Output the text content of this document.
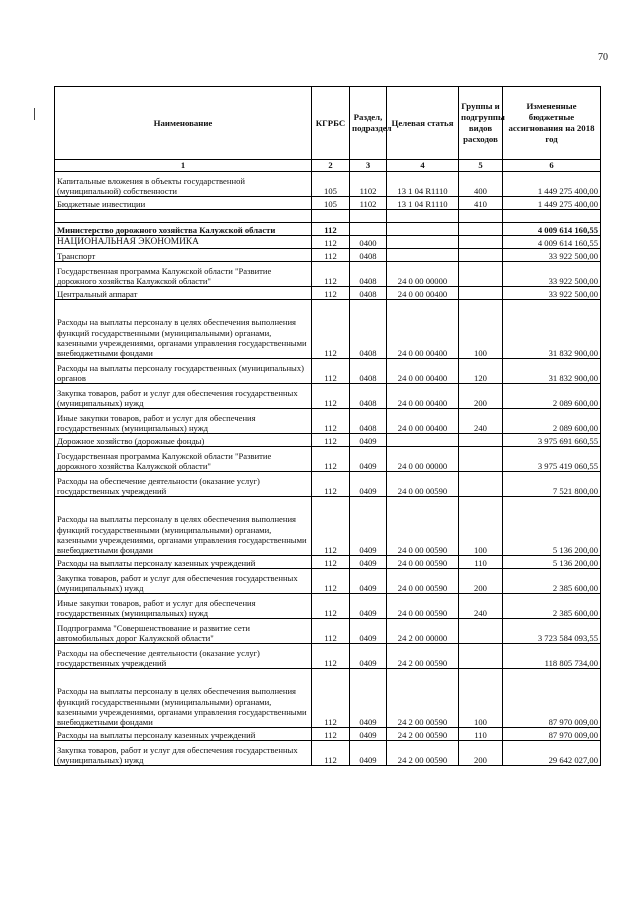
70
Наименование	КГРБС	Раздел, подраздел	Целевая статья	Группы и подгруппы видов расходов	Измененные бюджетные ассигнования на 2018 год
1	2	3	4	5	6
Капитальные вложения в объекты государственной (муниципальной) собственности	105	1102	13 1 04 R1110	400	1 449 275 400,00
Бюджетные инвестиции	105	1102	13 1 04 R1110	410	1 449 275 400,00

Министерство дорожного хозяйства Калужской области	112				4 009 614 160,55
НАЦИОНАЛЬНАЯ ЭКОНОМИКА	112	0400			4 009 614 160,55
Транспорт	112	0408			33 922 500,00
Государственная программа Калужской области "Развитие дорожного хозяйства Калужской области"	112	0408	24 0 00 00000		33 922 500,00
Центральный аппарат	112	0408	24 0 00 00400		33 922 500,00
Расходы на выплаты персоналу в целях обеспечения выполнения функций государственными (муниципальными) органами, казенными учреждениями, органами управления государственными внебюджетными фондами	112	0408	24 0 00 00400	100	31 832 900,00
Расходы на выплаты персоналу государственных (муниципальных) органов	112	0408	24 0 00 00400	120	31 832 900,00
Закупка товаров, работ и услуг для обеспечения государственных (муниципальных) нужд	112	0408	24 0 00 00400	200	2 089 600,00
Иные закупки товаров, работ и услуг для обеспечения государственных (муниципальных) нужд	112	0408	24 0 00 00400	240	2 089 600,00
Дорожное хозяйство (дорожные фонды)	112	0409			3 975 691 660,55
Государственная программа Калужской области "Развитие дорожного хозяйства Калужской области"	112	0409	24 0 00 00000		3 975 419 060,55
Расходы на обеспечение деятельности (оказание услуг) государственных учреждений	112	0409	24 0 00 00590		7 521 800,00
Расходы на выплаты персоналу в целях обеспечения выполнения функций государственными (муниципальными) органами, казенными учреждениями, органами управления государственными внебюджетными фондами	112	0409	24 0 00 00590	100	5 136 200,00
Расходы на выплаты персоналу казенных учреждений	112	0409	24 0 00 00590	110	5 136 200,00
Закупка товаров, работ и услуг для обеспечения государственных (муниципальных) нужд	112	0409	24 0 00 00590	200	2 385 600,00
Иные закупки товаров, работ и услуг для обеспечения государственных (муниципальных) нужд	112	0409	24 0 00 00590	240	2 385 600,00
Подпрограмма "Совершенствование и развитие сети автомобильных дорог Калужской области"	112	0409	24 2 00 00000		3 723 584 093,55
Расходы на обеспечение деятельности (оказание услуг) государственных учреждений	112	0409	24 2 00 00590		118 805 734,00
Расходы на выплаты персоналу в целях обеспечения выполнения функций государственными (муниципальными) органами, казенными учреждениями, органами управления государственными внебюджетными фондами	112	0409	24 2 00 00590	100	87 970 009,00
Расходы на выплаты персоналу казенных учреждений	112	0409	24 2 00 00590	110	87 970 009,00
Закупка товаров, работ и услуг для обеспечения государственных (муниципальных) нужд	112	0409	24 2 00 00590	200	29 642 027,00
